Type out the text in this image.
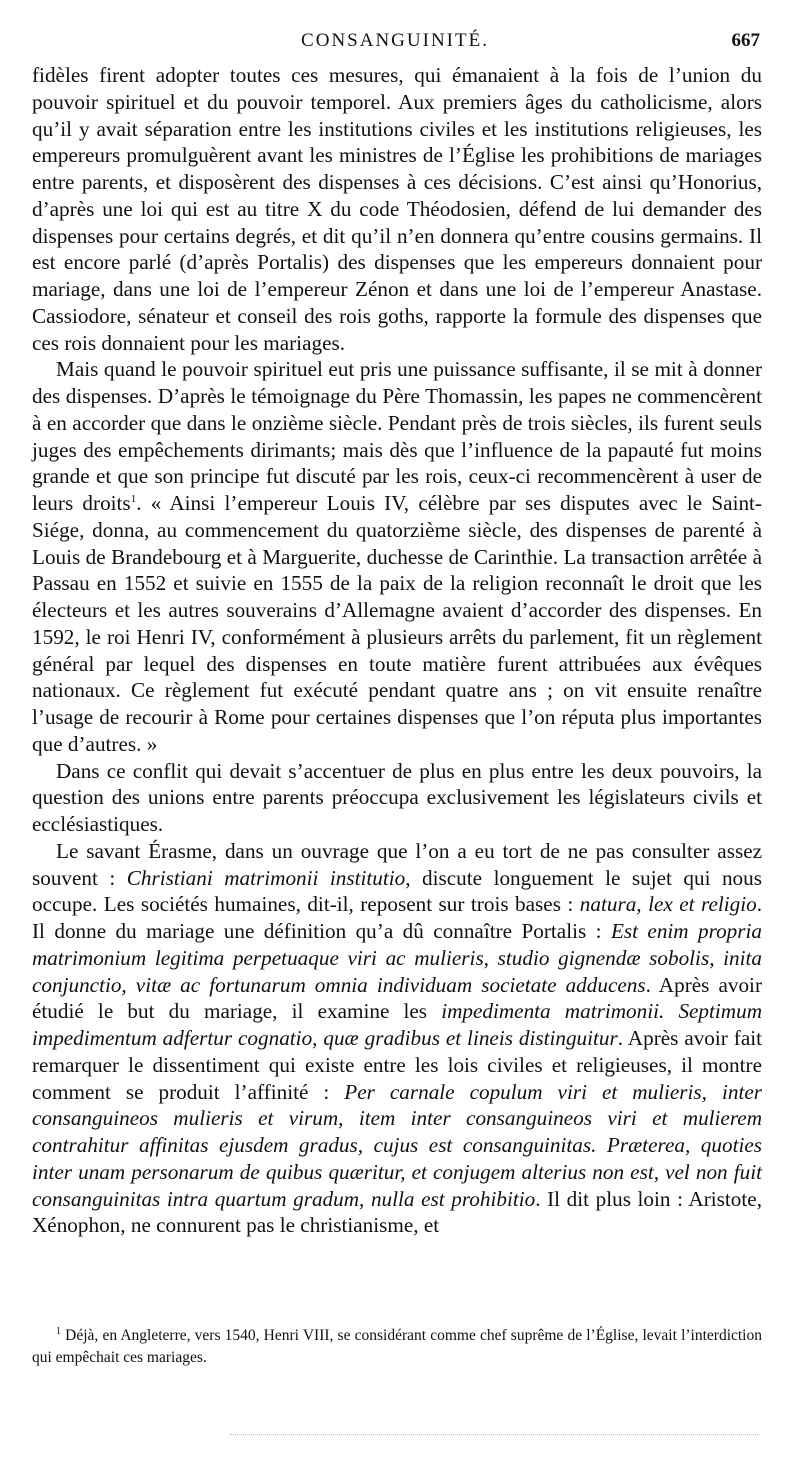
CONSANGUINITÉ.	667

fidèles firent adopter toutes ces mesures, qui émanaient à la fois de l’union du pouvoir spirituel et du pouvoir temporel. Aux premiers âges du catholicisme, alors qu’il y avait séparation entre les institutions civiles et les institutions religieuses, les empereurs promulguèrent avant les ministres de l’Église les prohibitions de mariages entre parents, et disposèrent des dispenses à ces décisions. C’est ainsi qu’Honorius, d’après une loi qui est au titre X du code Théodosien, défend de lui demander des dispenses pour certains degrés, et dit qu’il n’en donnera qu’entre cousins germains. Il est encore parlé (d’après Portalis) des dispenses que les empereurs donnaient pour mariage, dans une loi de l’empereur Zénon et dans une loi de l’empereur Anastase. Cassiodore, sénateur et conseil des rois goths, rapporte la formule des dispenses que ces rois donnaient pour les mariages.

Mais quand le pouvoir spirituel eut pris une puissance suffisante, il se mit à donner des dispenses. D’après le témoignage du Père Thomassin, les papes ne commencèrent à en accorder que dans le onzième siècle. Pendant près de trois siècles, ils furent seuls juges des empêchements dirimants; mais dès que l’influence de la papauté fut moins grande et que son principe fut discuté par les rois, ceux-ci recommencèrent à user de leurs droits$^1$. « Ainsi l’empereur Louis IV, célèbre par ses disputes avec le Saint-Siége, donna, au commencement du quatorzième siècle, des dispenses de parenté à Louis de Brandebourg et à Marguerite, duchesse de Carinthie. La transaction arrêtée à Passau en 1552 et suivie en 1555 de la paix de la religion reconnaît le droit que les électeurs et les autres souverains d’Allemagne avaient d’accorder des dispenses. En 1592, le roi Henri IV, conformément à plusieurs arrêts du parlement, fit un règlement général par lequel des dispenses en toute matière furent attribuées aux évêques nationaux. Ce règlement fut exécuté pendant quatre ans ; on vit ensuite renaître l’usage de recourir à Rome pour certaines dispenses que l’on réputa plus importantes que d’autres. »

Dans ce conflit qui devait s’accentuer de plus en plus entre les deux pouvoirs, la question des unions entre parents préoccupa exclusivement les législateurs civils et ecclésiastiques.

Le savant Érasme, dans un ouvrage que l’on a eu tort de ne pas consulter assez souvent : Christiani matrimonii institutio, discute longuement le sujet qui nous occupe. Les sociétés humaines, dit-il, reposent sur trois bases : natura, lex et religio. Il donne du mariage une définition qu’a dû connaître Portalis : Est enim propria matrimonium legitima perpetuaque viri ac mulieris, studio gignendæ sobolis, inita conjunctio, vitæ ac fortunarum omnia individuam societate adducens. Après avoir étudié le but du mariage, il examine les impedimenta matrimonii. Septimum impedimentum adfertur cognatio, quæ gradibus et lineis distinguitur. Après avoir fait remarquer le dissentiment qui existe entre les lois civiles et religieuses, il montre comment se produit l’affinité : Per carnale copulum viri et mulieris, inter consanguineos mulieris et virum, item inter consanguineos viri et mulierem contrahitur affinitas ejusdem gradus, cujus est consanguinitas. Præterea, quoties inter unam personarum de quibus quæritur, et conjugem alterius non est, vel non fuit consanguinitas intra quartum gradum, nulla est prohibitio. Il dit plus loin : Aristote, Xénophon, ne connurent pas le christianisme, et

$^1$ Déjà, en Angleterre, vers 1540, Henri VIII, se considérant comme chef suprême de l’Église, levait l’interdiction qui empêchait ces mariages.
